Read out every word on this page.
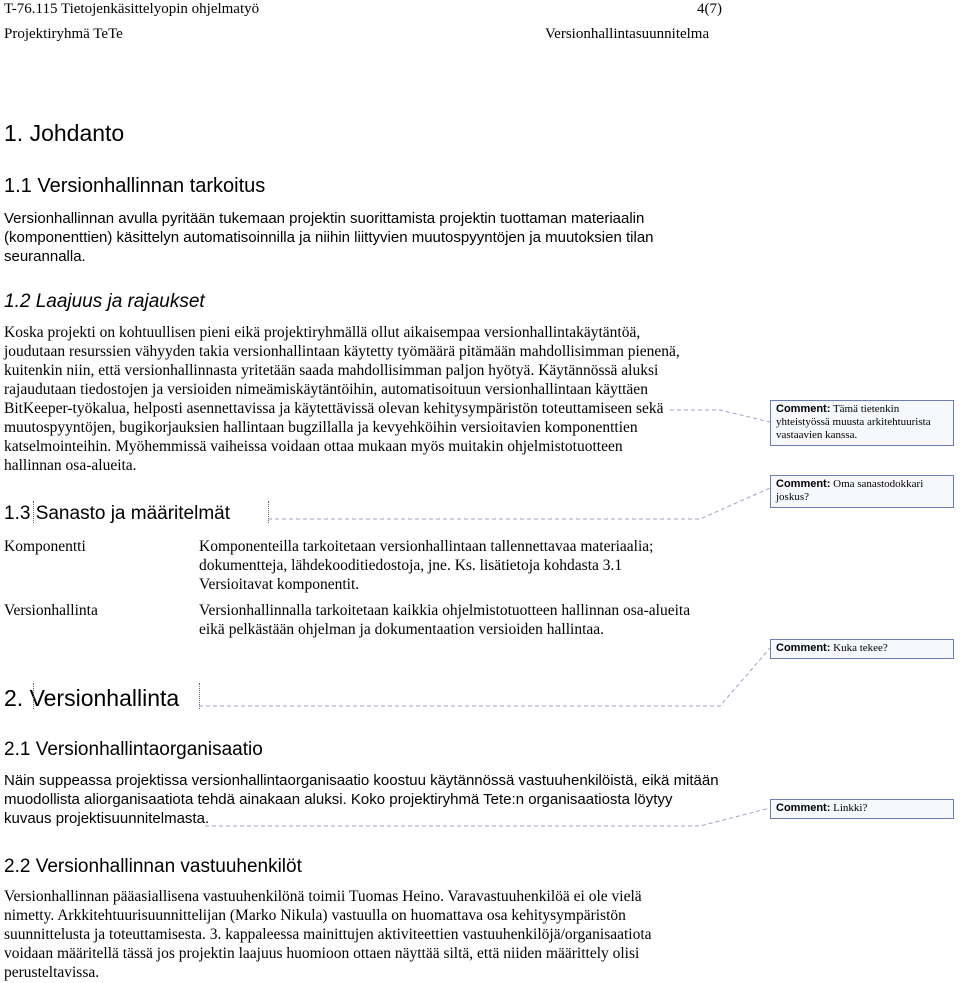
T-76.115 Tietojenkäsittelyopin ohjelmatyö	4(7)
Projektiryhmä TeTe	Versionhallintasuunnitelma
1. Johdanto
1.1 Versionhallinnan tarkoitus
Versionhallinnan avulla pyritään tukemaan projektin suorittamista projektin tuottaman materiaalin
(komponenttien) käsittelyn automatisoinnilla ja niihin liittyvien muutospyyntöjen ja muutoksien tilan
seurannalla.
1.2 Laajuus ja rajaukset
Koska projekti on kohtuullisen pieni eikä projektiryhmällä ollut aikaisempaa versionhallintakäytäntöä,
joudutaan resurssien vähyyden takia versionhallintaan käytetty työmäärä pitämään mahdollisimman pienenä,
kuitenkin niin, että versionhallinnasta yritetään saada mahdollisimman paljon hyötyä. Käytännössä aluksi
rajaudutaan tiedostojen ja versioiden nimeämiskäytäntöihin, automatisoituun versionhallintaan käyttäen
BitKeeper-työkalua, helposti asennettavissa ja käytettävissä olevan kehitysympäristön toteuttamiseen sekä
muutospyyntöjen, bugikorjauksien hallintaan bugzillalla ja kevyehköihin versioitavien komponenttien
katselmointeihin. Myöhemmissä vaiheissa voidaan ottaa mukaan myös muitakin ohjelmistotuotteen
hallinnan osa-alueita.
1.3 Sanasto ja määritelmät
Komponentti	Komponenteilla tarkoitetaan versionhallintaan tallennettavaa materiaalia;
dokumentteja, lähdekooditiedostoja, jne. Ks. lisätietoja kohdasta 3.1
Versioitavat komponentit.
Versionhallinta	Versionhallinnalla tarkoitetaan kaikkia ohjelmistotuotteen hallinnan osa-alueita
eikä pelkästään ohjelman ja dokumentaation versioiden hallintaa.
2. Versionhallinta
2.1 Versionhallintaorganisaatio
Näin suppeassa projektissa versionhallintaorganisaatio koostuu käytännössä vastuuhenkilöistä, eikä mitään
muodollista aliorganisaatiota tehdä ainakaan aluksi. Koko projektiryhmä Tete:n organisaatiosta löytyy
kuvaus projektisuunnitelmasta.
2.2 Versionhallinnan vastuuhenkilöt
Versionhallinnan pääasiallisena vastuuhenkilönä toimii Tuomas Heino. Varavastuuhenkilöä ei ole vielä
nimetty. Arkkitehtuurisuunnittelijan (Marko Nikula) vastuulla on huomattava osa kehitysympäristön
suunnittelusta ja toteuttamisesta. 3. kappaleessa mainittujen aktiviteettien vastuuhenkilöjä/organisaatiota
voidaan määritellä tässä jos projektin laajuus huomioon ottaen näyttää siltä, että niiden määrittely olisi
perusteltavissa.
Comment: Tämä tietenkin yhteistyössä muusta arkitehtuurista vastaavien kanssa.
Comment: Oma sanastodokkari joskus?
Comment: Kuka tekee?
Comment: Linkki?
